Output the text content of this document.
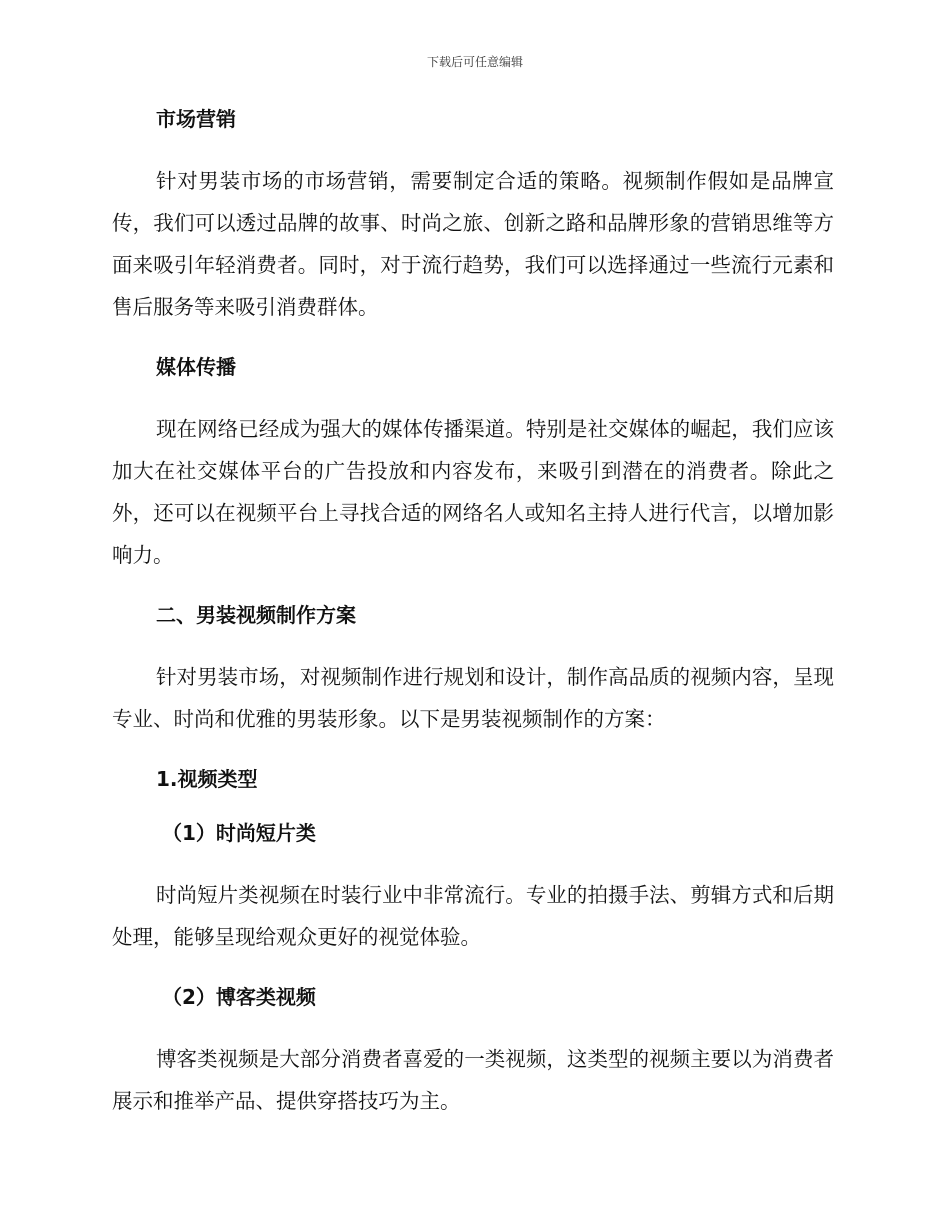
下载后可任意编辑
市场营销

针对男装市场的市场营销，需要制定合适的策略。视频制作假如是品牌宣传，我们可以透过品牌的故事、时尚之旅、创新之路和品牌形象的营销思维等方面来吸引年轻消费者。同时，对于流行趋势，我们可以选择通过一些流行元素和售后服务等来吸引消费群体。

媒体传播

现在网络已经成为强大的媒体传播渠道。特别是社交媒体的崛起，我们应该加大在社交媒体平台的广告投放和内容发布，来吸引到潜在的消费者。除此之外，还可以在视频平台上寻找合适的网络名人或知名主持人进行代言，以增加影响力。

二、男装视频制作方案

针对男装市场，对视频制作进行规划和设计，制作高品质的视频内容，呈现专业、时尚和优雅的男装形象。以下是男装视频制作的方案：

1.视频类型
（1）时尚短片类

时尚短片类视频在时装行业中非常流行。专业的拍摄手法、剪辑方式和后期处理，能够呈现给观众更好的视觉体验。

（2）博客类视频

博客类视频是大部分消费者喜爱的一类视频，这类型的视频主要以为消费者展示和推举产品、提供穿搭技巧为主。
